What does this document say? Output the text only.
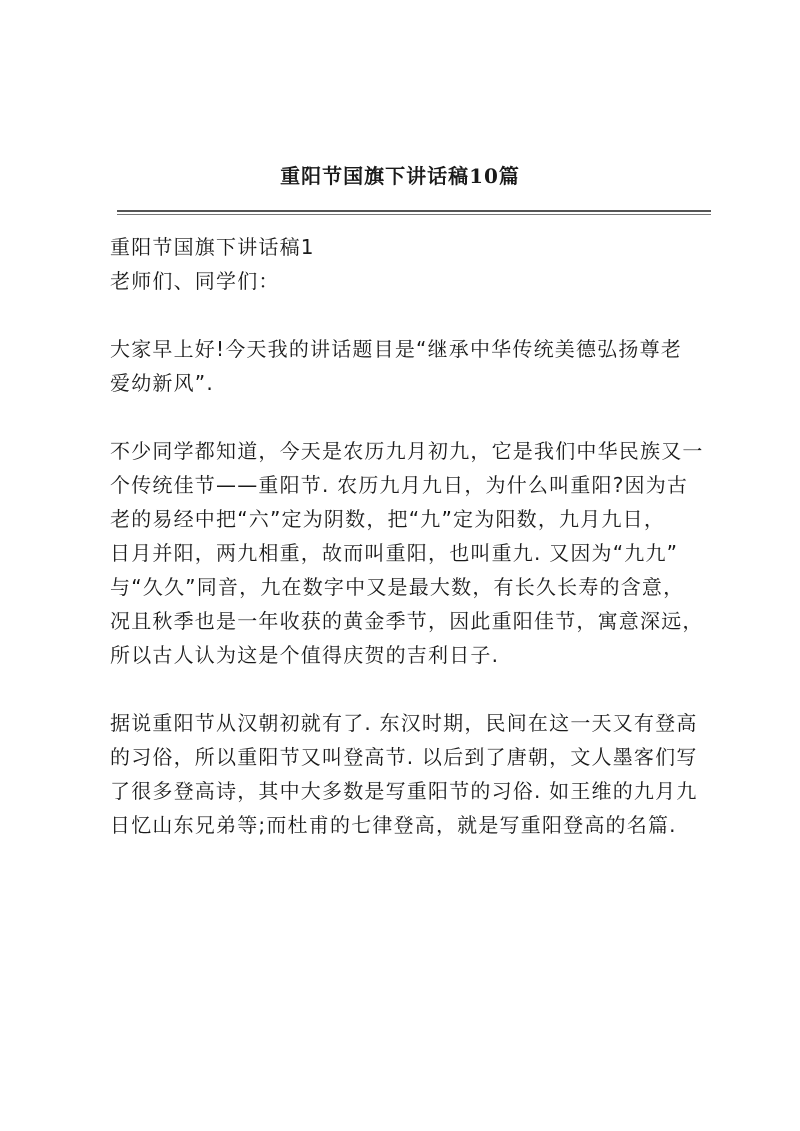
重阳节国旗下讲话稿10篇
重阳节国旗下讲话稿1
老师们、同学们：
大家早上好!今天我的讲话题目是“继承中华传统美德弘扬尊老
爱幼新风”.
不少同学都知道，今天是农历九月初九，它是我们中华民族又一
个传统佳节——重阳节. 农历九月九日，为什么叫重阳?因为古
老的易经中把“六”定为阴数，把“九”定为阳数，九月九日，
日月并阳，两九相重，故而叫重阳，也叫重九. 又因为“九九”
与“久久”同音，九在数字中又是最大数，有长久长寿的含意，
况且秋季也是一年收获的黄金季节，因此重阳佳节，寓意深远，
所以古人认为这是个值得庆贺的吉利日子.
据说重阳节从汉朝初就有了. 东汉时期，民间在这一天又有登高
的习俗，所以重阳节又叫登高节. 以后到了唐朝，文人墨客们写
了很多登高诗，其中大多数是写重阳节的习俗. 如王维的九月九
日忆山东兄弟等;而杜甫的七律登高，就是写重阳登高的名篇.
